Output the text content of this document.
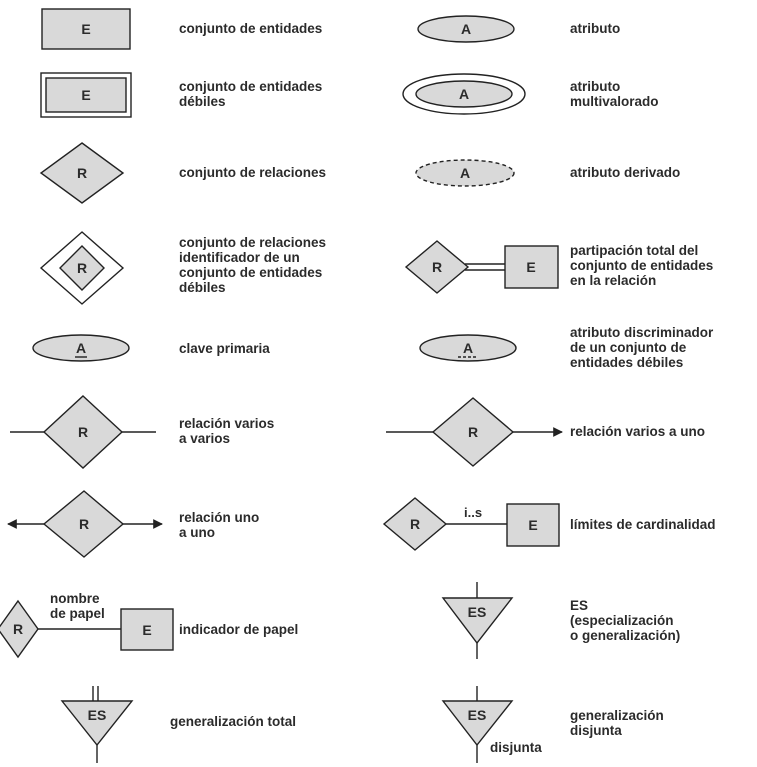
E
E
R
R
A
R
R
R	E
ES
A
A
A
R	E
A
R
R	E
i..s
ES
ES
conjunto de entidades
conjunto de entidades
débiles
conjunto de relaciones
conjunto de relaciones
identificador de un
conjunto de entidades
débiles
clave primaria
relación varios
a varios
relación uno
a uno
nombre
de papel
indicador de papel
generalización total
atributo
atributo
multivalorado
atributo derivado
partipación total del
conjunto de entidades
en la relación
atributo discriminador
de un conjunto de
entidades débiles
relación varios a uno
límites de cardinalidad
ES
(especialización
o generalización)
generalización
disjunta
disjunta
